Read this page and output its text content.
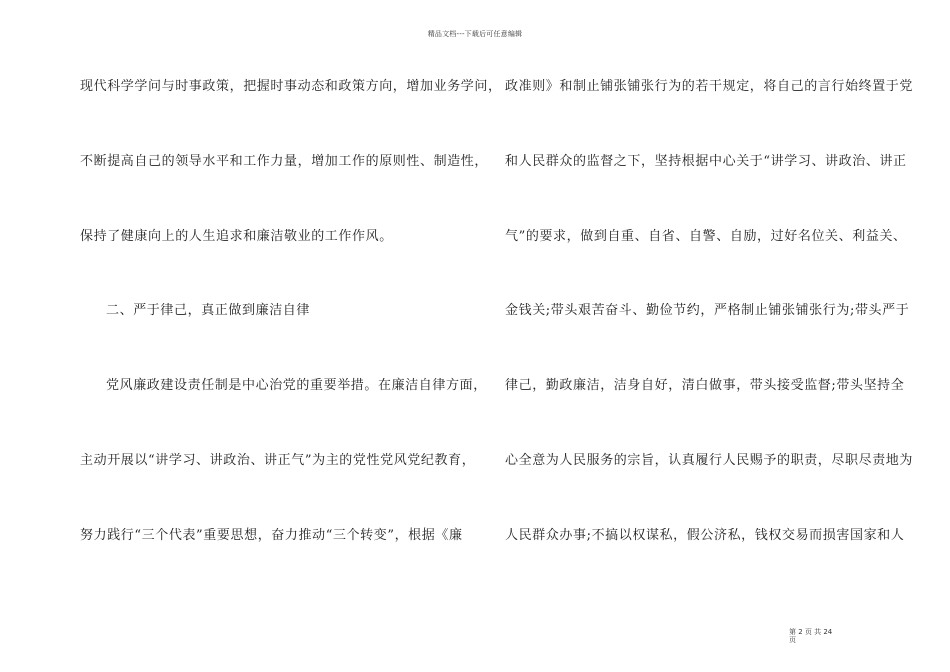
精品文档---下载后可任意编辑
现代科学学问与时事政策，把握时事动态和政策方向，增加业务学问，
不断提高自己的领导水平和工作力量，增加工作的原则性、制造性，
保持了健康向上的人生追求和廉洁敬业的工作作风。
二、严于律己，真正做到廉洁自律
党风廉政建设责任制是中心治党的重要举措。在廉洁自律方面，
主动开展以“讲学习、讲政治、讲正气”为主的党性党风党纪教育，
努力践行“三个代表”重要思想，奋力推动“三个转变”，根据《廉
政准则》和制止铺张铺张行为的若干规定，将自己的言行始终置于党
和人民群众的监督之下，坚持根据中心关于“讲学习、讲政治、讲正
气”的要求，做到自重、自省、自警、自励，过好名位关、利益关、
金钱关;带头艰苦奋斗、勤俭节约，严格制止铺张铺张行为;带头严于
律己，勤政廉洁，洁身自好，清白做事，带头接受监督;带头坚持全
心全意为人民服务的宗旨，认真履行人民赐予的职责，尽职尽责地为
人民群众办事;不搞以权谋私，假公济私，钱权交易而损害国家和人
第 2 页 共 24
页
